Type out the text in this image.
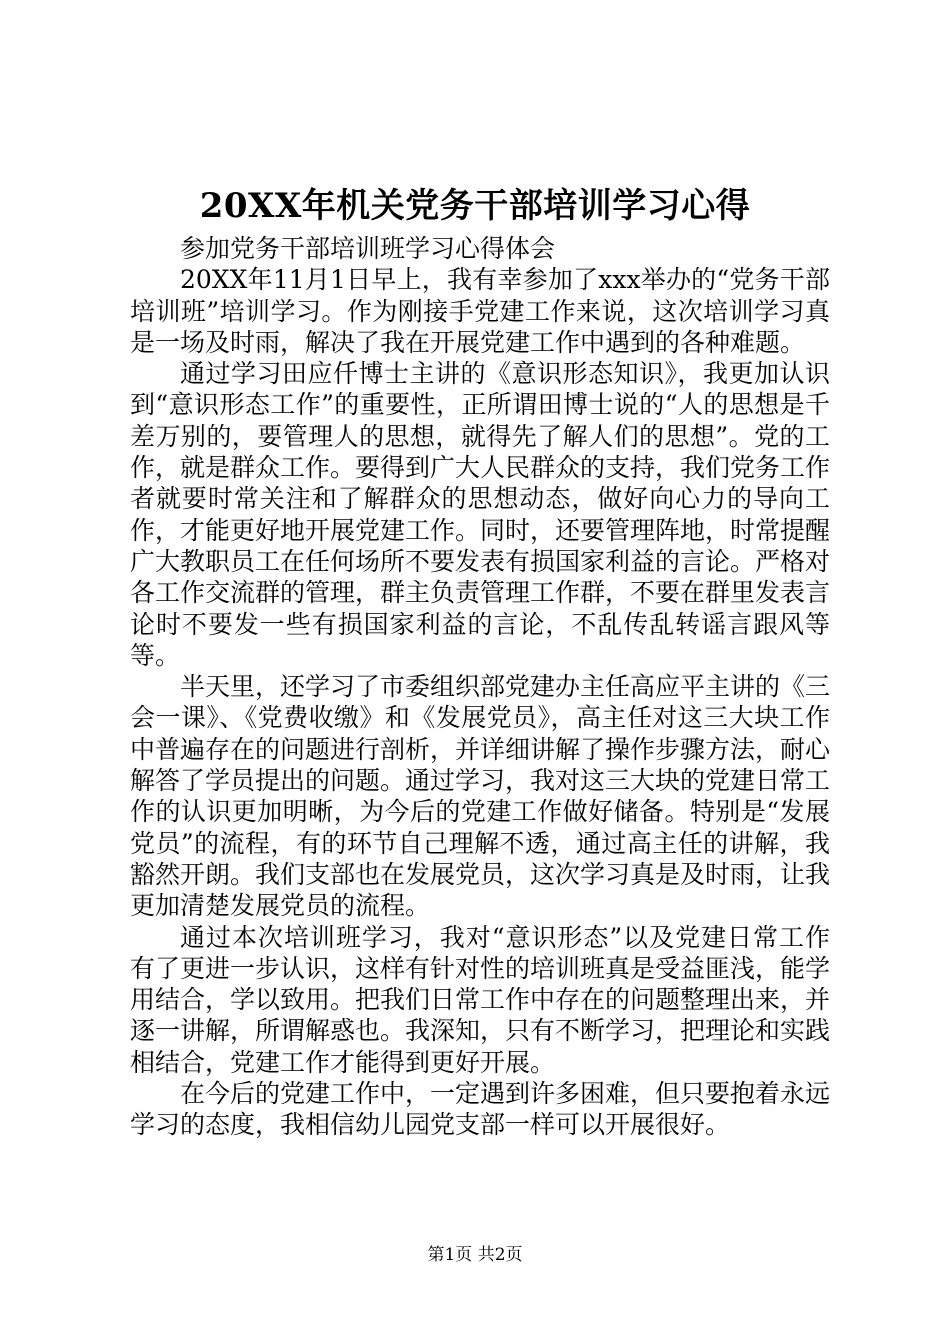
20XX年机关党务干部培训学习心得

参加党务干部培训班学习心得体会

20XX年11月1日早上，我有幸参加了xxx举办的“党务干部培训班”培训学习。作为刚接手党建工作来说，这次培训学习真是一场及时雨，解决了我在开展党建工作中遇到的各种难题。

通过学习田应仟博士主讲的《意识形态知识》，我更加认识到“意识形态工作”的重要性，正所谓田博士说的“人的思想是千差万别的，要管理人的思想，就得先了解人们的思想”。党的工作，就是群众工作。要得到广大人民群众的支持，我们党务工作者就要时常关注和了解群众的思想动态，做好向心力的导向工作，才能更好地开展党建工作。同时，还要管理阵地，时常提醒广大教职员工在任何场所不要发表有损国家利益的言论。严格对各工作交流群的管理，群主负责管理工作群，不要在群里发表言论时不要发一些有损国家利益的言论，不乱传乱转谣言跟风等等。

半天里，还学习了市委组织部党建办主任高应平主讲的《三会一课》、《党费收缴》和《发展党员》，高主任对这三大块工作中普遍存在的问题进行剖析，并详细讲解了操作步骤方法，耐心解答了学员提出的问题。通过学习，我对这三大块的党建日常工作的认识更加明晰，为今后的党建工作做好储备。特别是“发展党员”的流程，有的环节自己理解不透，通过高主任的讲解，我豁然开朗。我们支部也在发展党员，这次学习真是及时雨，让我更加清楚发展党员的流程。

通过本次培训班学习，我对“意识形态”以及党建日常工作有了更进一步认识，这样有针对性的培训班真是受益匪浅，能学用结合，学以致用。把我们日常工作中存在的问题整理出来，并逐一讲解，所谓解惑也。我深知，只有不断学习，把理论和实践相结合，党建工作才能得到更好开展。

在今后的党建工作中，一定遇到许多困难，但只要抱着永远学习的态度，我相信幼儿园党支部一样可以开展很好。

第1页 共2页
